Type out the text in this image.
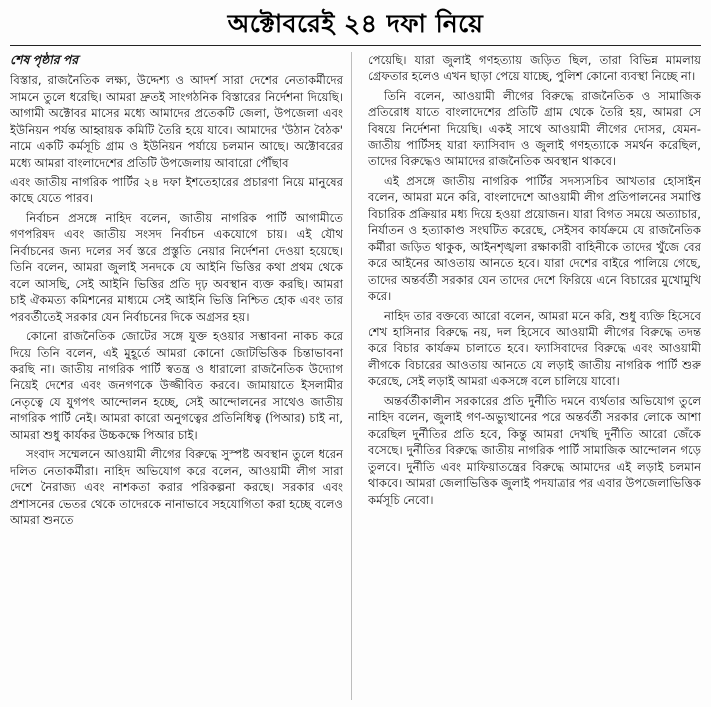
অক্টোবরেই ২৪ দফা নিয়ে
শেষ পৃষ্ঠার পর

বিস্তার, রাজনৈতিক লক্ষ্য, উদ্দেশ্য ও আদর্শ সারা দেশের নেতাকর্মীদের সামনে তুলে ধরেছি। আমরা দ্রুতই সাংগঠনিক বিস্তারের নির্দেশনা দিয়েছি। আগামী অক্টোবর মাসের মধ্যে আমাদের প্রতেকটি জেলা, উপজেলা এবং ইউনিয়ন পর্যন্ত আহ্বায়ক কমিটি তৈরি হয়ে যাবে। আমাদের 'উঠান বৈঠক' নামে একটি কর্মসূচি গ্রাম ও ইউনিয়ন পর্যায়ে চলমান আছে। অক্টোবরের মধ্যে আমরা বাংলাদেশের প্রতিটি উপজেলায় আবারো পৌঁছাব

এবং জাতীয় নাগরিক পার্টির ২৪ দফা ইশতেহারের প্রচারণা নিয়ে মানুষের কাছে যেতে পারব।

নির্বাচন প্রসঙ্গে নাহিদ বলেন, জাতীয় নাগরিক পার্টি আগামীতে গণপরিষদ এবং জাতীয় সংসদ নির্বাচন একযোগে চায়। এই যৌথ নির্বাচনের জন্য দলের সর্ব স্তরে প্রস্তুতি নেয়ার নির্দেশনা দেওয়া হয়েছে। তিনি বলেন, আমরা জুলাই সনদকে যে আইনি ভিত্তির কথা প্রথম থেকে বলে আসছি, সেই আইনি ভিত্তির প্রতি দৃঢ় অবস্থান ব্যক্ত করছি। আমরা চাই ঐকমত্য কমিশনের মাধ্যমে সেই আইনি ভিত্তি নিশ্চিত হোক এবং তার পরবর্তীতেই সরকার যেন নির্বাচনের দিকে অগ্রসর হয়।

কোনো রাজনৈতিক জোটের সঙ্গে যুক্ত হওয়ার সম্ভাবনা নাকচ করে দিয়ে তিনি বলেন, এই মুহূর্তে আমরা কোনো জোটভিত্তিক চিন্তাভাবনা করছি না। জাতীয় নাগরিক পার্টি স্বতন্ত্র ও ধারালো রাজনৈতিক উদ্যোগ নিয়েই দেশের এবং জনগণকে উজ্জীবিত করবে। জামায়াতে ইসলামীর নেতৃত্বে যে যুগপৎ আন্দোলন হচ্ছে, সেই আন্দোলনের সাথেও জাতীয় নাগরিক পার্টি নেই। আমরা কারো অনুগত্বের প্রতিনিধিত্ব (পিআর) চাই না, আমরা শুধু কার্যকর উচ্চকক্ষে পিআর চাই।

সংবাদ সম্মেলনে আওয়ামী লীগের বিরুদ্ধে সুস্পষ্ট অবস্থান তুলে ধরেন দলিত নেতাকর্মীরা। নাহিদ অভিযোগ করে বলেন, আওয়ামী লীগ সারা দেশে নৈরাজ্য এবং নাশকতা করার পরিকল্পনা করছে। সরকার এবং প্রশাসনের ভেতর থেকে তাদেরকে নানাভাবে সহযোগিতা করা হচ্ছে বলেও আমরা শুনতে

পেয়েছি। যারা জুলাই গণহত্যায় জড়িত ছিল, তারা বিভিন্ন মামলায় গ্রেফতার হলেও এখন ছাড়া পেয়ে যাচ্ছে, পুলিশ কোনো ব্যবস্থা নিচ্ছে না।

তিনি বলেন, আওয়ামী লীগের বিরুদ্ধে রাজনৈতিক ও সামাজিক প্রতিরোধ যাতে বাংলাদেশের প্রতিটি গ্রাম থেকে তৈরি হয়, আমরা সে বিষয়ে নির্দেশনা দিয়েছি। একই সাথে আওয়ামী লীগের দোসর, যেমন- জাতীয় পার্টিসহ যারা ফ্যাসিবাদ ও জুলাই গণহত্যাকে সমর্থন করেছিল, তাদের বিরুদ্ধেও আমাদের রাজনৈতিক অবস্থান থাকবে।

এই প্রসঙ্গে জাতীয় নাগরিক পার্টির সদস্যসচিব আখতার হোসাইন বলেন, আমরা মনে করি, বাংলাদেশে আওয়ামী লীগ প্রতিপালনের সমাপ্তি বিচারিক প্রক্রিয়ার মধ্য দিয়ে হওয়া প্রয়োজন। যারা বিগত সময়ে অত্যাচার, নির্যাতন ও হত্যাকাণ্ড সংঘটিত করেছে, সেইসব কার্যক্রমে যে রাজনৈতিক কর্মীরা জড়িত থাকুক, আইনশৃঙ্খলা রক্ষাকারী বাহিনীকে তাদের খুঁজে বের করে আইনের আওতায় আনতে হবে। যারা দেশের বাইরে পালিয়ে গেছে, তাদের অন্তর্বর্তী সরকার যেন তাদের দেশে ফিরিয়ে এনে বিচারের মুখোমুখি করে।

নাহিদ তার বক্তব্যে আরো বলেন, আমরা মনে করি, শুধু ব্যক্তি হিসেবে শেখ হাসিনার বিরুদ্ধে নয়, দল হিসেবে আওয়ামী লীগের বিরুদ্ধে তদন্ত করে বিচার কার্যক্রম চালাতে হবে। ফ্যাসিবাদের বিরুদ্ধে এবং আওয়ামী লীগকে বিচারের আওতায় আনতে যে লড়াই জাতীয় নাগরিক পার্টি শুরু করেছে, সেই লড়াই আমরা একসঙ্গে বলে চালিয়ে যাবো।

অন্তর্বর্তীকালীন সরকারের প্রতি দুর্নীতি দমনে ব্যর্থতার অভিযোগ তুলে নাহিদ বলেন, জুলাই গণ-অভ্যুত্থানের পরে অন্তর্বর্তী সরকার লোকে আশা করেছিল দুর্নীতির প্রতি হবে, কিন্তু আমরা দেখছি দুর্নীতি আরো জেঁকে বসেছে। দুর্নীতির বিরুদ্ধে জাতীয় নাগরিক পার্টি সামাজিক আন্দোলন গড়ে তুলবে। দুর্নীতি এবং মাফিয়াতন্ত্রের বিরুদ্ধে আমাদের এই লড়াই চলমান থাকবে। আমরা জেলাভিত্তিক জুলাই পদযাত্রার পর এবার উপজেলাভিত্তিক কর্মসূচি নেবো।
